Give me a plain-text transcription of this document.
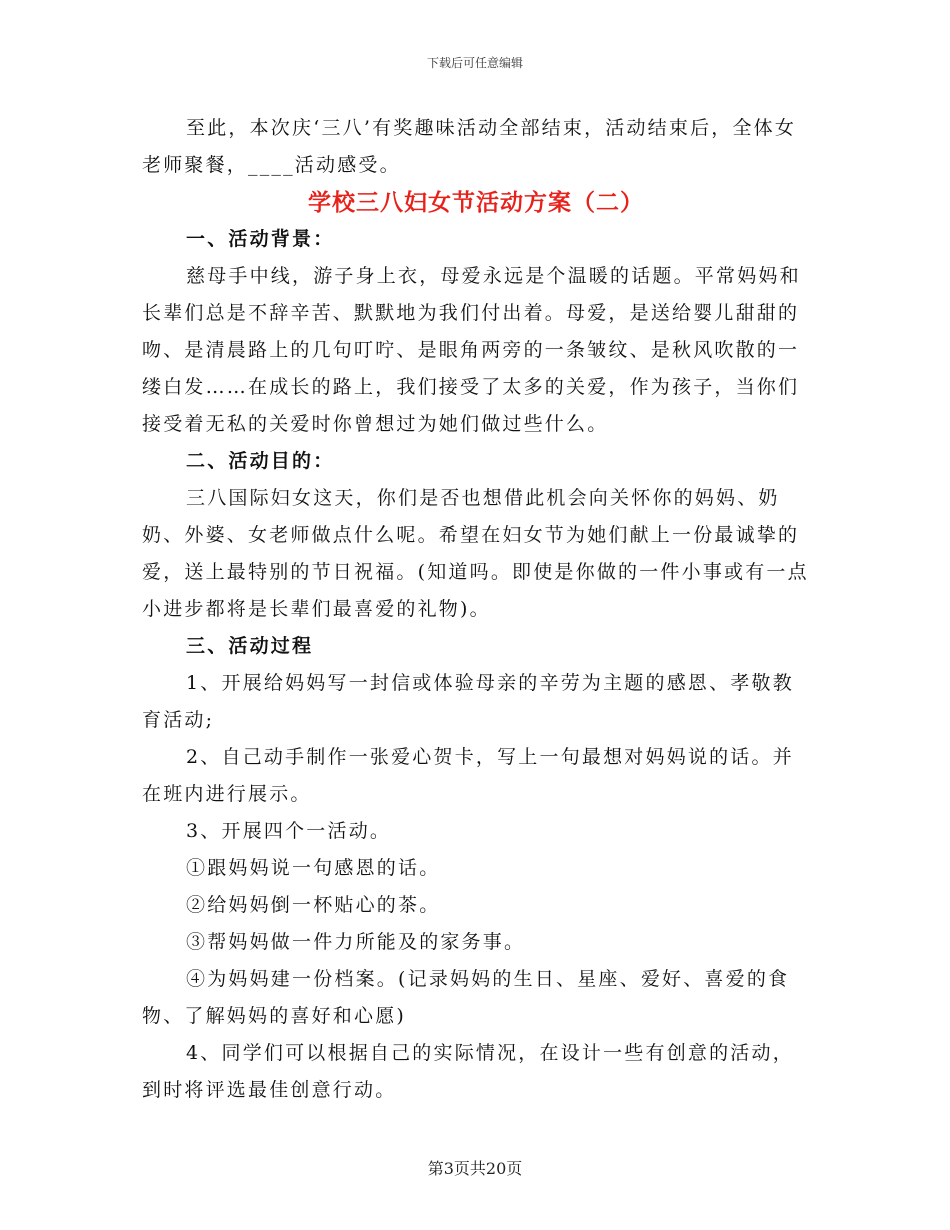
下载后可任意编辑

至此，本次庆‘三八’有奖趣味活动全部结束，活动结束后，全体女老师聚餐，____活动感受。

学校三八妇女节活动方案（二）

一、活动背景：

慈母手中线，游子身上衣，母爱永远是个温暖的话题。平常妈妈和长辈们总是不辞辛苦、默默地为我们付出着。母爱，是送给婴儿甜甜的吻、是清晨路上的几句叮咛、是眼角两旁的一条皱纹、是秋风吹散的一缕白发……在成长的路上，我们接受了太多的关爱，作为孩子，当你们接受着无私的关爱时你曾想过为她们做过些什么。

二、活动目的：

三八国际妇女这天，你们是否也想借此机会向关怀你的妈妈、奶奶、外婆、女老师做点什么呢。希望在妇女节为她们献上一份最诚挚的爱，送上最特别的节日祝福。(知道吗。即使是你做的一件小事或有一点小进步都将是长辈们最喜爱的礼物)。

三、活动过程

1、开展给妈妈写一封信或体验母亲的辛劳为主题的感恩、孝敬教育活动;

2、自己动手制作一张爱心贺卡，写上一句最想对妈妈说的话。并在班内进行展示。

3、开展四个一活动。

①跟妈妈说一句感恩的话。

②给妈妈倒一杯贴心的茶。

③帮妈妈做一件力所能及的家务事。

④为妈妈建一份档案。(记录妈妈的生日、星座、爱好、喜爱的食物、了解妈妈的喜好和心愿)

4、同学们可以根据自己的实际情况，在设计一些有创意的活动，到时将评选最佳创意行动。

第3页共20页
